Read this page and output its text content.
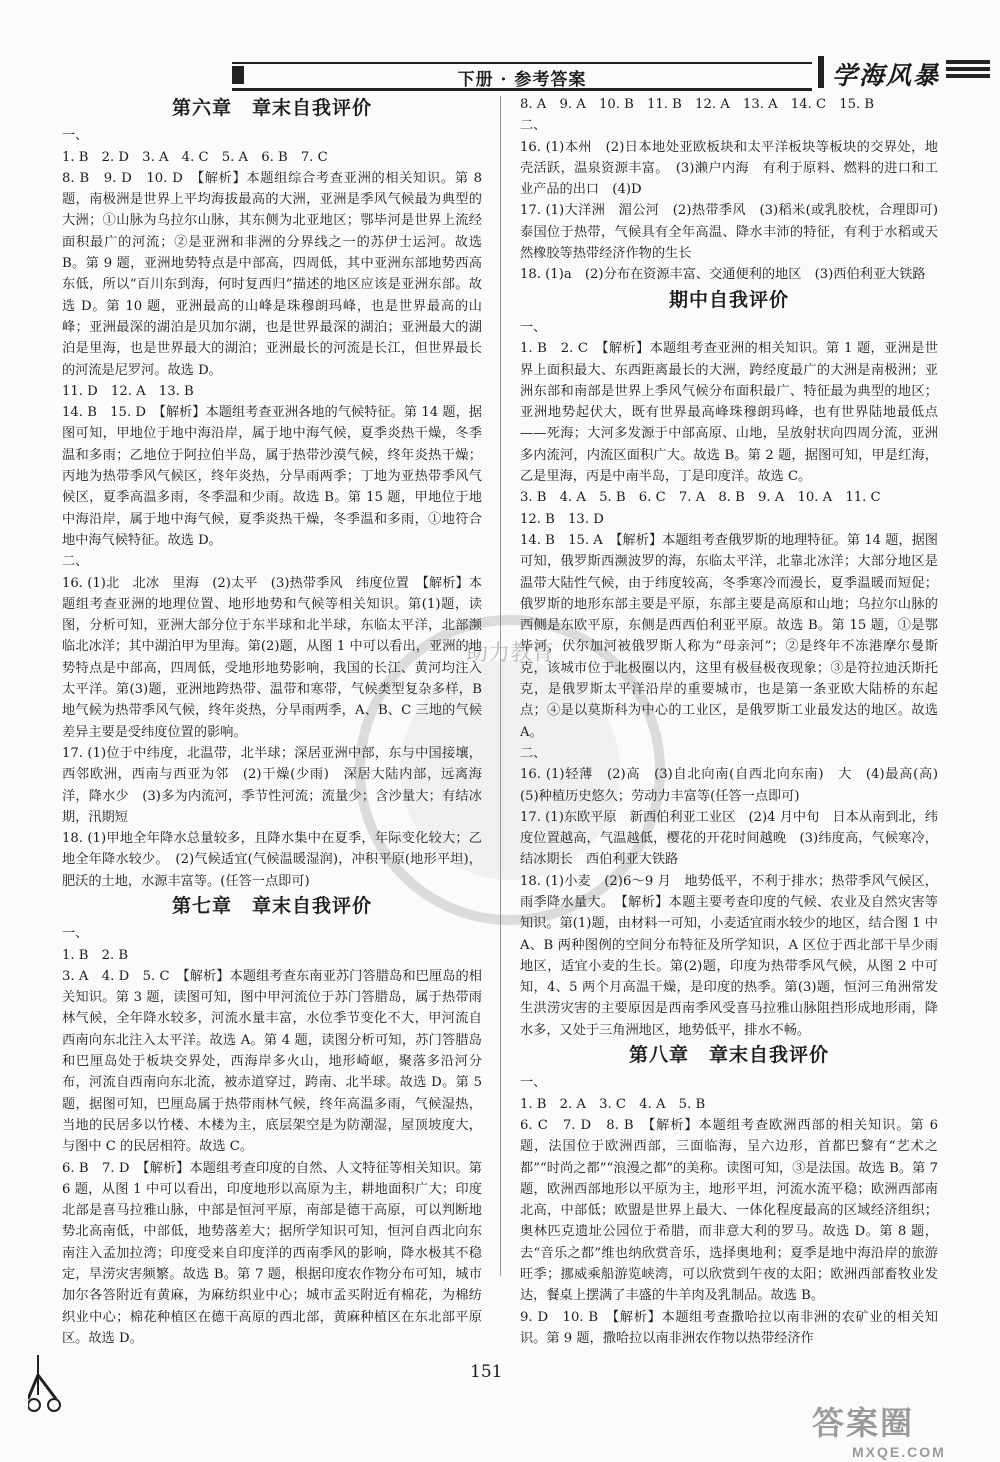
下册 · 参考答案	学海风暴
第六章　章末自我评价

一、

1. B　2. D　3. A　4. C　5. A　6. B　7. C

8. B　9. D　10. D　【解析】本题组综合考查亚洲的相关知识。第 8 题，南极洲是世界上平均海拔最高的大洲，亚洲是季风气候最为典型的大洲；①山脉为乌拉尔山脉，其东侧为北亚地区；鄂毕河是世界上流经面积最广的河流；②是亚洲和非洲的分界线之一的苏伊士运河。故选 B。第 9 题，亚洲地势特点是中部高，四周低，其中亚洲东部地势西高东低，所以“百川东到海，何时复西归”描述的地区应该是亚洲东部。故选 D。第 10 题，亚洲最高的山峰是珠穆朗玛峰，也是世界最高的山峰；亚洲最深的湖泊是贝加尔湖，也是世界最深的湖泊；亚洲最大的湖泊是里海，也是世界最大的湖泊；亚洲最长的河流是长江，但世界最长的河流是尼罗河。故选 D。

11. D　12. A　13. B

14. B　15. D　【解析】本题组考查亚洲各地的气候特征。第 14 题，据图可知，甲地位于地中海沿岸，属于地中海气候，夏季炎热干燥，冬季温和多雨；乙地位于阿拉伯半岛，属于热带沙漠气候，终年炎热干燥；丙地为热带季风气候区，终年炎热，分旱雨两季；丁地为亚热带季风气候区，夏季高温多雨，冬季温和少雨。故选 B。第 15 题，甲地位于地中海沿岸，属于地中海气候，夏季炎热干燥，冬季温和多雨，①地符合地中海气候特征。故选 D。

二、

16. (1)北　北冰　里海　(2)太平　(3)热带季风　纬度位置　【解析】本题组考查亚洲的地理位置、地形地势和气候等相关知识。第(1)题，读图，分析可知，亚洲大部分位于东半球和北半球，东临太平洋，北部濒临北冰洋；其中湖泊甲为里海。第(2)题，从图 1 中可以看出，亚洲的地势特点是中部高，四周低，受地形地势影响，我国的长江、黄河均注入太平洋。第(3)题，亚洲地跨热带、温带和寒带，气候类型复杂多样，B 地气候为热带季风气候，终年炎热，分旱雨两季，A、B、C 三地的气候差异主要是受纬度位置的影响。

17. (1)位于中纬度，北温带，北半球；深居亚洲中部，东与中国接壤，西邻欧洲，西南与西亚为邻　(2)干燥(少雨)　深居大陆内部，远离海洋，降水少　(3)多为内流河，季节性河流；流量少；含沙量大；有结冰期，汛期短

18. (1)甲地全年降水总量较多，且降水集中在夏季，年际变化较大；乙地全年降水较少。　(2)气候适宜(气候温暖湿润)，冲积平原(地形平坦)，肥沃的土地，水源丰富等。(任答一点即可)

第七章　章末自我评价

一、

1. B　2. B

3. A　4. D　5. C　【解析】本题组考查东南亚苏门答腊岛和巴厘岛的相关知识。第 3 题，读图可知，图中甲河流位于苏门答腊岛，属于热带雨林气候，全年降水较多，河流水量丰富，水位季节变化不大，甲河流自西南向东北注入太平洋。故选 A。第 4 题，读图分析可知，苏门答腊岛和巴厘岛处于板块交界处，西海岸多火山，地形崎岖，聚落多沿河分布，河流自西南向东北流，被赤道穿过，跨南、北半球。故选 D。第 5 题，据图可知，巴厘岛属于热带雨林气候，终年高温多雨，气候湿热，当地的民居多以竹楼、木楼为主，底层架空是为防潮湿，屋顶坡度大，与图中 C 的民居相符。故选 C。

6. B　7. D　【解析】本题组考查印度的自然、人文特征等相关知识。第 6 题，从图 1 中可以看出，印度地形以高原为主，耕地面积广大；印度北部是喜马拉雅山脉，中部是恒河平原，南部是德干高原，可以判断地势北高南低，中部低，地势落差大；据所学知识可知，恒河自西北向东南注入孟加拉湾；印度受来自印度洋的西南季风的影响，降水极其不稳定，旱涝灾害频繁。故选 B。第 7 题，根据印度农作物分布可知，城市加尔各答附近有黄麻，为麻纺织业中心；城市孟买附近有棉花，为棉纺织业中心；棉花种植区在德干高原的西北部，黄麻种植区在东北部平原区。故选 D。

8. A　9. A　10. B　11. B　12. A　13. A　14. C　15. B

二、

16. (1)本州　(2)日本地处亚欧板块和太平洋板块等板块的交界处，地壳活跃，温泉资源丰富。　(3)濑户内海　有利于原料、燃料的进口和工业产品的出口　(4)D

17. (1)大洋洲　湄公河　(2)热带季风　(3)稻米(或乳胶枕，合理即可)　泰国位于热带，气候具有全年高温、降水丰沛的特征，有利于水稻或天然橡胶等热带经济作物的生长

18. (1)a　(2)分布在资源丰富、交通便利的地区　(3)西伯利亚大铁路

期中自我评价

一、

1. B　2. C　【解析】本题组考查亚洲的相关知识。第 1 题，亚洲是世界上面积最大、东西距离最长的大洲，跨经度最广的大洲是南极洲；亚洲东部和南部是世界上季风气候分布面积最广、特征最为典型的地区；亚洲地势起伏大，既有世界最高峰珠穆朗玛峰，也有世界陆地最低点——死海；大河多发源于中部高原、山地，呈放射状向四周分流，亚洲多内流河，内流区面积广大。故选 B。第 2 题，据图可知，甲是红海，乙是里海，丙是中南半岛，丁是印度洋。故选 C。

3. B　4. A　5. B　6. C　7. A　8. B　9. A　10. A　11. C

12. B　13. D

14. B　15. A　【解析】本题组考查俄罗斯的地理特征。第 14 题，据图可知，俄罗斯西濒波罗的海，东临太平洋，北靠北冰洋；大部分地区是温带大陆性气候，由于纬度较高，冬季寒冷而漫长，夏季温暖而短促；俄罗斯的地形东部主要是平原，东部主要是高原和山地；乌拉尔山脉的西侧是东欧平原，东侧是西西伯利亚平原。故选 B。第 15 题，①是鄂毕河，伏尔加河被俄罗斯人称为“母亲河”；②是终年不冻港摩尔曼斯克，该城市位于北极圈以内，这里有极昼极夜现象；③是符拉迪沃斯托克，是俄罗斯太平洋沿岸的重要城市，也是第一条亚欧大陆桥的东起点；④是以莫斯科为中心的工业区，是俄罗斯工业最发达的地区。故选 A。

二、

16. (1)轻薄　(2)高　(3)自北向南(自西北向东南)　大　(4)最高(高)　(5)种植历史悠久；劳动力丰富等(任答一点即可)

17. (1)东欧平原　新西伯利亚工业区　(2)4 月中旬　日本从南到北，纬度位置越高，气温越低，樱花的开花时间越晚　(3)纬度高，气候寒冷，结冰期长　西伯利亚大铁路

18. (1)小麦　(2)6～9 月　地势低平，不利于排水；热带季风气候区，雨季降水量大。　【解析】本题主要考查印度的气候、农业及自然灾害等知识。第(1)题，由材料一可知，小麦适宜雨水较少的地区，结合图 1 中 A、B 两种图例的空间分布特征及所学知识，A 区位于西北部干旱少雨地区，适宜小麦的生长。第(2)题，印度为热带季风气候，从图 2 中可知，4、5 两个月高温干燥，是印度的热季。第(3)题，恒河三角洲常发生洪涝灾害的主要原因是西南季风受喜马拉雅山脉阻挡形成地形雨，降水多，又处于三角洲地区，地势低平，排水不畅。

第八章　章末自我评价

一、

1. B　2. A　3. C　4. A　5. B

6. C　7. D　8. B　【解析】本题组考查欧洲西部的相关知识。第 6 题，法国位于欧洲西部，三面临海，呈六边形，首都巴黎有“艺术之都”“时尚之都”“浪漫之都”的美称。读图可知，③是法国。故选 B。第 7 题，欧洲西部地形以平原为主，地形平坦，河流水流平稳；欧洲西部南北高，中部低；欧盟是世界上最大、一体化程度最高的区域经济组织；奥林匹克遗址公园位于希腊，而非意大利的罗马。故选 D。第 8 题，去“音乐之都”维也纳欣赏音乐，选择奥地利；夏季是地中海沿岸的旅游旺季；挪威乘船游览峡湾，可以欣赏到午夜的太阳；欧洲西部畜牧业发达，餐桌上摆满了丰盛的牛羊肉及乳制品。故选 B。

9. D　10. B　【解析】本题组考查撒哈拉以南非洲的农矿业的相关知识。第 9 题，撒哈拉以南非洲农作物以热带经济作

助力教育
151
答案圈
MXQE.COM
